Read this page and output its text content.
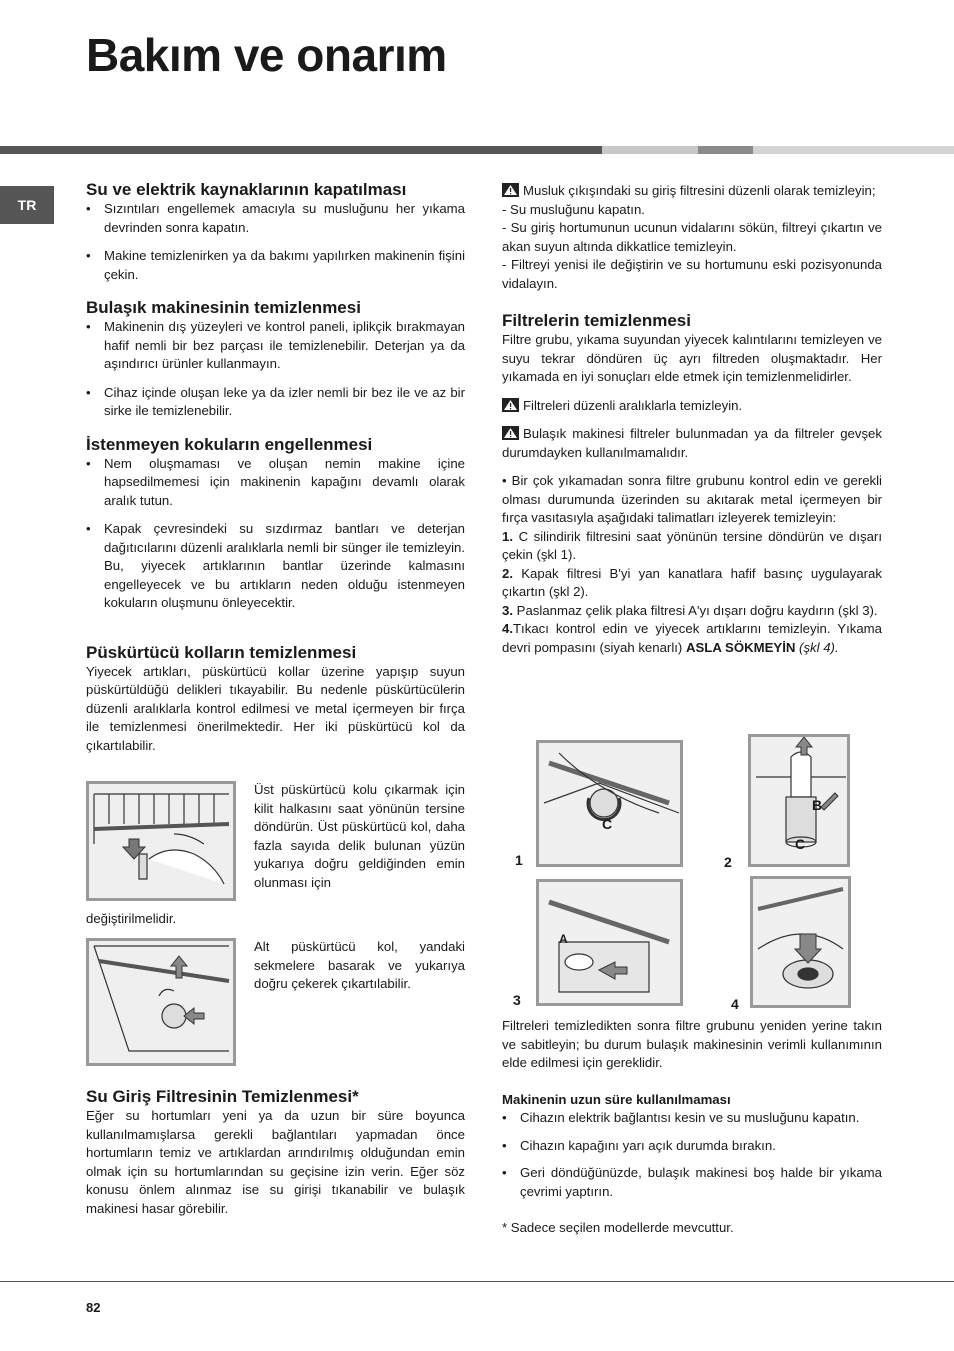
Bakım ve onarım
TR

Su ve elektrik kaynaklarının kapatılması

• Sızıntıları engellemek amacıyla su musluğunu her yıkama devrinden sonra kapatın.
• Makine temizlenirken ya da bakımı yapılırken makinenin fişini çekin.

Bulaşık makinesinin temizlenmesi

• Makinenin dış yüzeyleri ve kontrol paneli, iplikçik bırakmayan hafif nemli bir bez parçası ile temizlenebilir. Deterjan ya da aşındırıcı ürünler kullanmayın.
• Cihaz içinde oluşan leke ya da izler nemli bir bez ile ve az bir sirke ile temizlenebilir.

İstenmeyen kokuların engellenmesi

• Nem oluşmaması ve oluşan nemin makine içine hapsedilmemesi için makinenin kapağını devamlı olarak aralık tutun.
• Kapak çevresindeki su sızdırmaz bantları ve deterjan dağıtıcılarını düzenli aralıklarla nemli bir sünger ile temizleyin. Bu, yiyecek artıklarının bantlar üzerinde kalmasını engelleyecek ve bu artıkların neden olduğu istenmeyen kokuların oluşmunu önleyecektir.

Püskürtücü kolların temizlenmesi

Yiyecek artıkları, püskürtücü kollar üzerine yapışıp suyun püskürtüldüğü delikleri tıkayabilir. Bu nedenle püskürtücülerin düzenli aralıklarla kontrol edilmesi ve metal içermeyen bir fırça ile temizlenmesi önerilmektedir. Her iki püskürtücü kol da çıkartılabilir.

Üst püskürtücü kolu çıkarmak için kilit halkasını saat yönünün tersine döndürün. Üst püskürtücü kol, daha fazla sayıda delik bulunan yüzün yukarıya doğru geldiğinden emin olunması için

değiştirilmelidir.

Alt püskürtücü kol, yandaki sekmelere basarak ve yukarıya doğru çekerek çıkartılabilir.

Su Giriş Filtresinin Temizlenmesi*

Eğer su hortumları yeni ya da uzun bir süre boyunca kullanılmamışlarsa gerekli bağlantıları yapmadan önce hortumların temiz ve artıklardan arındırılmış olduğundan emin olmak için su hortumlarından su geçisine izin verin. Eğer söz konusu önlem alınmaz ise su girişi tıkanabilir ve bulaşık makinesi hasar görebilir.

Musluk çıkışındaki su giriş filtresini düzenli olarak temizleyin;

- Su musluğunu kapatın.

- Su giriş hortumunun ucunun vidalarını sökün, filtreyi çıkartın ve akan suyun altında dikkatlice temizleyin.

- Filtreyi yenisi ile değiştirin ve su hortumunu eski pozisyonunda vidalayın.

Filtrelerin temizlenmesi

Filtre grubu, yıkama suyundan yiyecek kalıntılarını temizleyen ve suyu tekrar döndüren üç ayrı filtreden oluşmaktadır. Her yıkamada en iyi sonuçları elde etmek için temizlenmelidirler.

Filtreleri düzenli aralıklarla temizleyin.

Bulaşık makinesi filtreler bulunmadan ya da filtreler gevşek durumdayken kullanılmamalıdır.

• Bir çok yıkamadan sonra filtre grubunu kontrol edin ve gerekli olması durumunda üzerinden su akıtarak metal içermeyen bir fırça vasıtasıyla aşağıdaki talimatları izleyerek temizleyin:

1. C silindirik filtresini saat yönünün tersine döndürün ve dışarı çekin (şkl 1).

2. Kapak filtresi B'yi yan kanatlara hafif basınç uygulayarak çıkartın (şkl 2).

3. Paslanmaz çelik plaka filtresi A'yı dışarı doğru kaydırın (şkl 3).

4.Tıkacı kontrol edin ve yiyecek artıklarını temizleyin. Yıkama devri pompasını (siyah kenarlı) ASLA SÖKMEYİN (şkl 4).

1	2
3	4
C
B
C
A

Filtreleri temizledikten sonra filtre grubunu yeniden yerine takın ve sabitleyin; bu durum bulaşık makinesinin verimli kullanımının elde edilmesi için gereklidir.

Makinenin uzun süre kullanılmaması

• Cihazın elektrik bağlantısı kesin ve su musluğunu kapatın.
• Cihazın kapağını yarı açık durumda bırakın.
• Geri döndüğünüzde, bulaşık makinesi boş halde bir yıkama çevrimi yaptırın.

* Sadece seçilen modellerde mevcuttur.

82
